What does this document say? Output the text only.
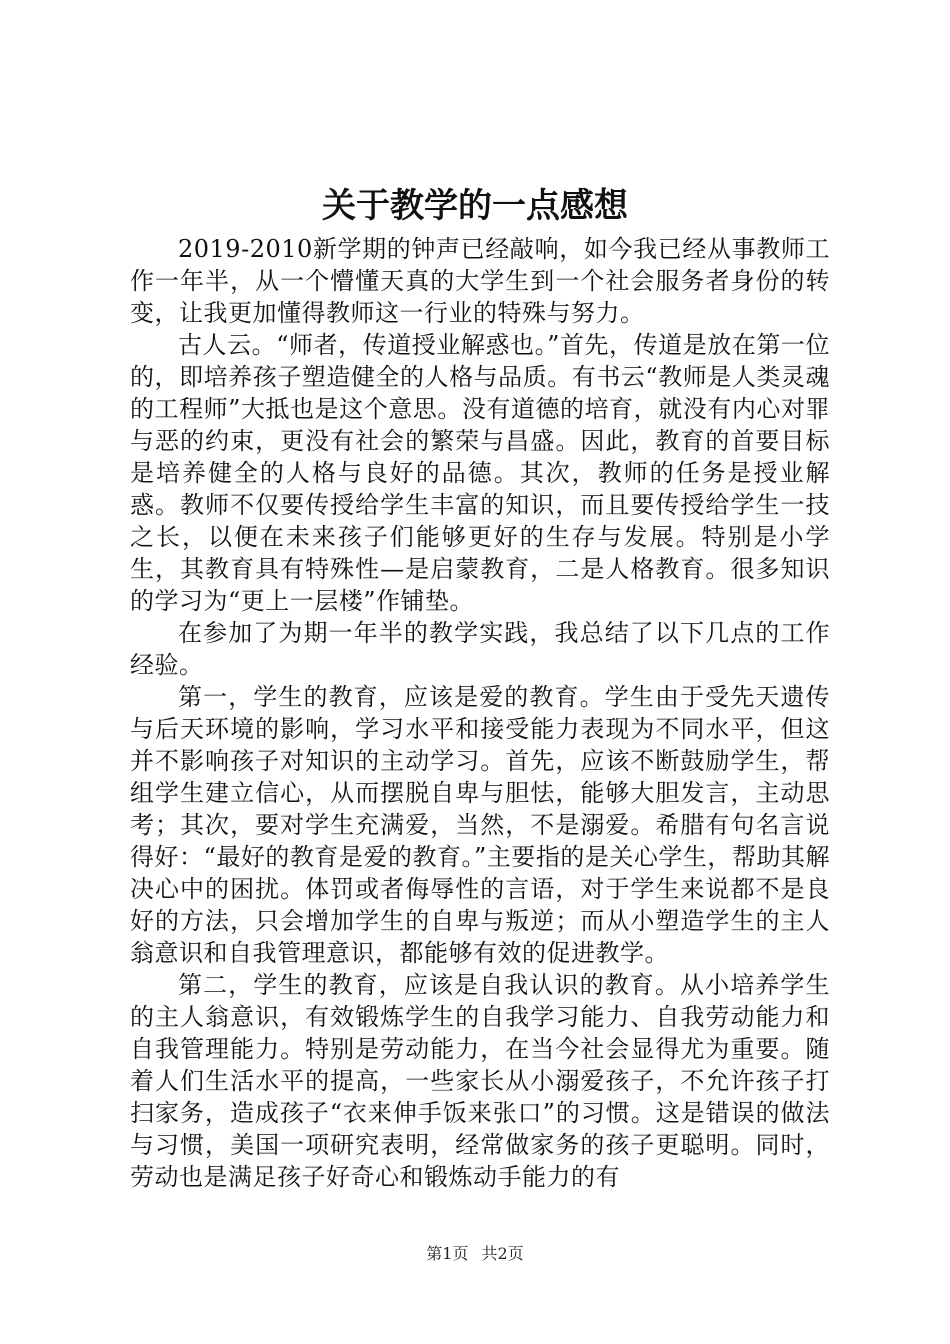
关于教学的一点感想

2019-2010新学期的钟声已经敲响，如今我已经从事教师工作一年半，从一个懵懂天真的大学生到一个社会服务者身份的转变，让我更加懂得教师这一行业的特殊与努力。

古人云。“师者，传道授业解惑也。”首先，传道是放在第一位的，即培养孩子塑造健全的人格与品质。有书云“教师是人类灵魂的工程师”大抵也是这个意思。没有道德的培育，就没有内心对罪与恶的约束，更没有社会的繁荣与昌盛。因此，教育的首要目标是培养健全的人格与良好的品德。其次，教师的任务是授业解惑。教师不仅要传授给学生丰富的知识，而且要传授给学生一技之长，以便在未来孩子们能够更好的生存与发展。特别是小学生，其教育具有特殊性—是启蒙教育，二是人格教育。很多知识的学习为“更上一层楼”作铺垫。

在参加了为期一年半的教学实践，我总结了以下几点的工作经验。

第一，学生的教育，应该是爱的教育。学生由于受先天遗传与后天环境的影响，学习水平和接受能力表现为不同水平，但这并不影响孩子对知识的主动学习。首先，应该不断鼓励学生，帮组学生建立信心，从而摆脱自卑与胆怯，能够大胆发言，主动思考；其次，要对学生充满爱，当然，不是溺爱。希腊有句名言说得好：“最好的教育是爱的教育。”主要指的是关心学生，帮助其解决心中的困扰。体罚或者侮辱性的言语，对于学生来说都不是良好的方法，只会增加学生的自卑与叛逆；而从小塑造学生的主人翁意识和自我管理意识，都能够有效的促进教学。

第二，学生的教育，应该是自我认识的教育。从小培养学生的主人翁意识，有效锻炼学生的自我学习能力、自我劳动能力和自我管理能力。特别是劳动能力，在当今社会显得尤为重要。随着人们生活水平的提高，一些家长从小溺爱孩子，不允许孩子打扫家务，造成孩子“衣来伸手饭来张口”的习惯。这是错误的做法与习惯，美国一项研究表明，经常做家务的孩子更聪明。同时，劳动也是满足孩子好奇心和锻炼动手能力的有

第1页 共2页
